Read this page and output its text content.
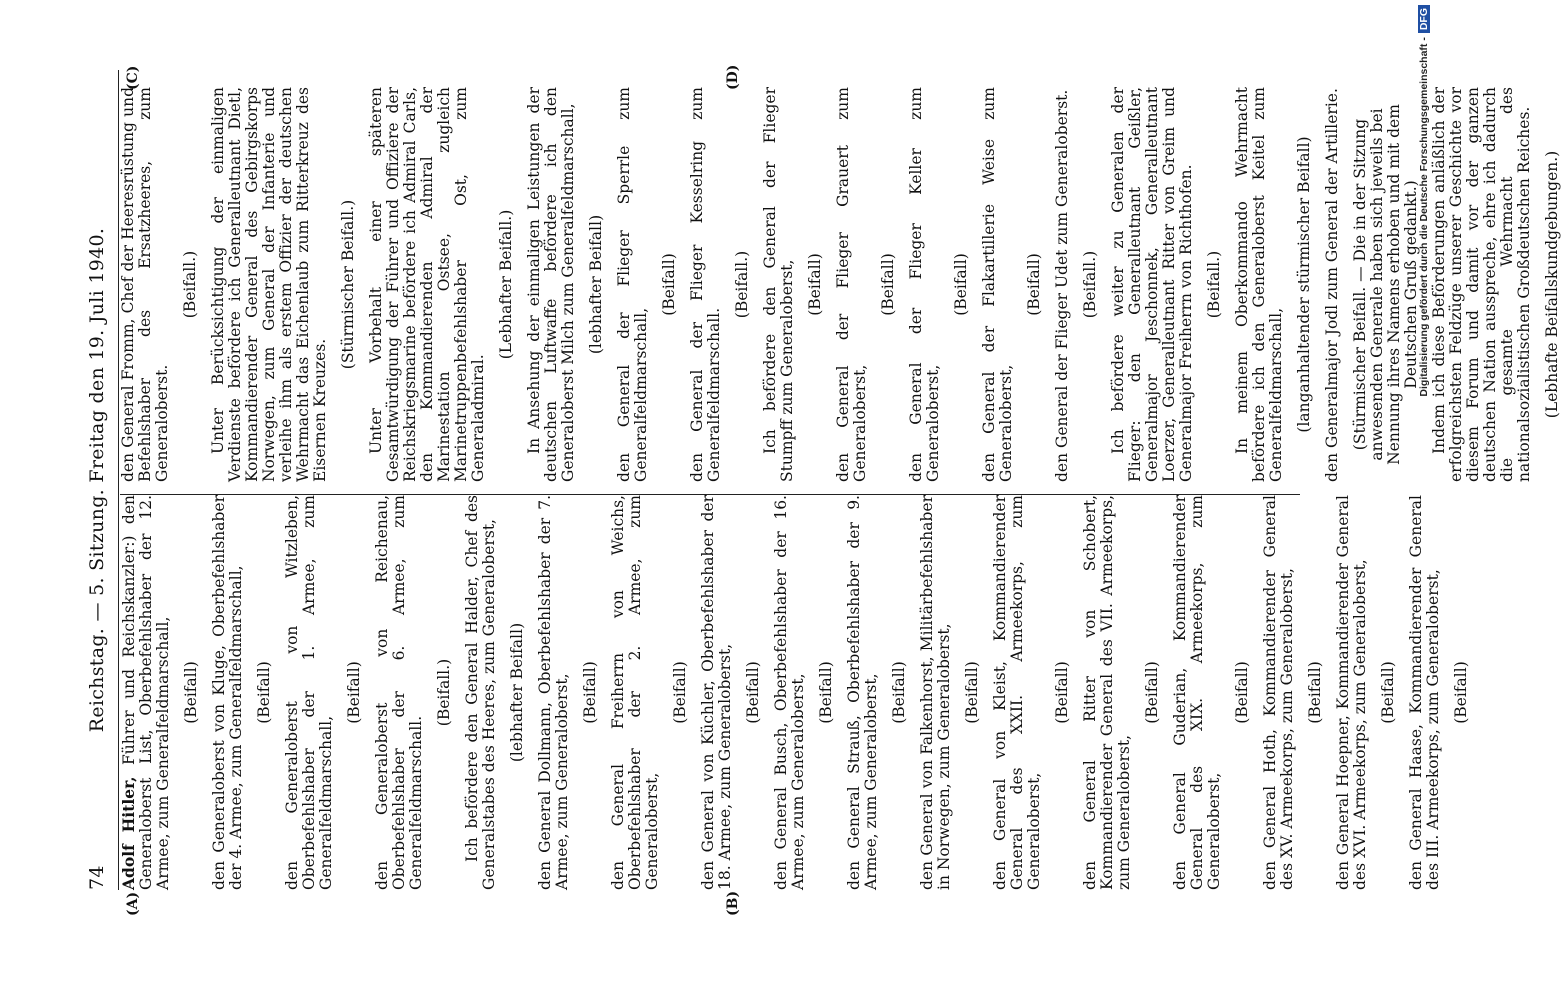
74
Reichstag. — 5. Sitzung. Freitag den 19. Juli 1940.
(A)	(B)
(C)	(D)

Adolf Hitler, Führer und Reichskanzler:) den Generaloberst List, Oberbefehlshaber der 12. Armee, zum Generalfeldmarschall, (Beifall) den Generaloberst von Kluge, Oberbefehlshaber der 4. Armee, zum Generalfeldmarschall, (Beifall) den Generaloberst von Witzleben, Oberbefehlshaber der 1. Armee, zum Generalfeldmarschall,

(Beifall) den Generaloberst von Reichenau, Oberbefehlshaber der 6. Armee, zum Generalfeldmarschall.

(Beifall.) Ich befördere den General Halder, Chef des Generalstabes des Heeres, zum Generaloberst, (lebhafter Beifall) den General Dollmann, Oberbefehlshaber der 7. Armee, zum Generaloberst, (Beifall) den General Freiherrn von Weichs, Oberbefehlshaber der 2. Armee, zum Generaloberst,

(Beifall) den General von Küchler, Oberbefehlshaber der 18. Armee, zum Generaloberst, (Beifall) den General Busch, Oberbefehlshaber der 16. Armee, zum Generaloberst, (Beifall) den General Strauß, Oberbefehlshaber der 9. Armee, zum Generaloberst, (Beifall) den General von Falkenhorst, Militärbefehlshaber in Norwegen, zum Generaloberst, (Beifall) den General von Kleist, Kommandierender General des XXII. Armeekorps, zum Generaloberst,

(Beifall) den General Ritter von Schobert, Kommandierender General des VII. Armeekorps, zum Generaloberst,

(Beifall) den General Guderian, Kommandierender General des XIX. Armeekorps, zum Generaloberst,

(Beifall) den General Hoth, Kommandierender General des XV. Armeekorps, zum Generaloberst, (Beifall) den General Hoepner, Kommandierender General des XVI. Armeekorps, zum Generaloberst, (Beifall) den General Haase, Kommandierender General des III. Armeekorps, zum Generaloberst, (Beifall)

den General Fromm, Chef der Heeresrüstung und Befehlshaber des Ersatzheeres, zum Generaloberst.

(Beifall.) Unter Berücksichtigung der einmaligen Verdienste befördere ich Generalleutnant Dietl, Kommandierender General des Gebirgskorps Norwegen, zum General der Infanterie und verleihe ihm als erstem Offizier der deutschen Wehrmacht das Eichenlaub zum Ritterkreuz des Eisernen Kreuzes.

(Stürmischer Beifall.) Unter Vorbehalt einer späteren Gesamtwürdigung der Führer und Offiziere der Reichskriegsmarine befördere ich Admiral Carls, den Kommandierenden Admiral der Marinestation Ostsee, zugleich Marinetruppenbefehlshaber Ost, zum Generaladmiral.

(Lebhafter Beifall.) In Ansehung der einmaligen Leistungen der deutschen Luftwaffe befördere ich den Generaloberst Milch zum Generalfeldmarschall, (lebhafter Beifall) den General der Flieger Sperrle zum Generalfeldmarschall,

(Beifall) den General der Flieger Kesselring zum Generalfeldmarschall.

(Beifall.) Ich befördere den General der Flieger Stumpff zum Generaloberst, (Beifall) den General der Flieger Grauert zum Generaloberst,

(Beifall) den General der Flieger Keller zum Generaloberst,

(Beifall) den General der Flakartillerie Weise zum Generaloberst,

(Beifall) den General der Flieger Udet zum Generaloberst. (Beifall.) Ich befördere weiter zu Generalen der Flieger: den Generalleutnant Geißler, Generalmajor Jeschonnek, Generalleutnant Loerzer, Generalleutnant Ritter von Greim und Generalmajor Freiherrn von Richthofen. (Beifall.) In meinem Oberkommando Wehrmacht befördere ich den Generaloberst Keitel zum Generalfeldmarschall, (langanhaltender stürmischer Beifall) den Generalmajor Jodl zum General der Artillerie. (Stürmischer Beifall. — Die in der Sitzung anwesenden Generale haben sich jeweils bei Nennung ihres Namens erhoben und mit dem Deutschen Gruß gedankt.) Indem ich diese Beförderungen anläßlich der erfolgreichsten Feldzüge unserer Geschichte vor diesem Forum und damit vor der ganzen deutschen Nation ausspreche, ehre ich dadurch die gesamte Wehrmacht des nationalsozialistischen Großdeutschen Reiches. (Lebhafte Beifallskundgebungen.)

Digitalisierung gefördert durch die Deutsche Forschungsgemeinschaft -DFG
